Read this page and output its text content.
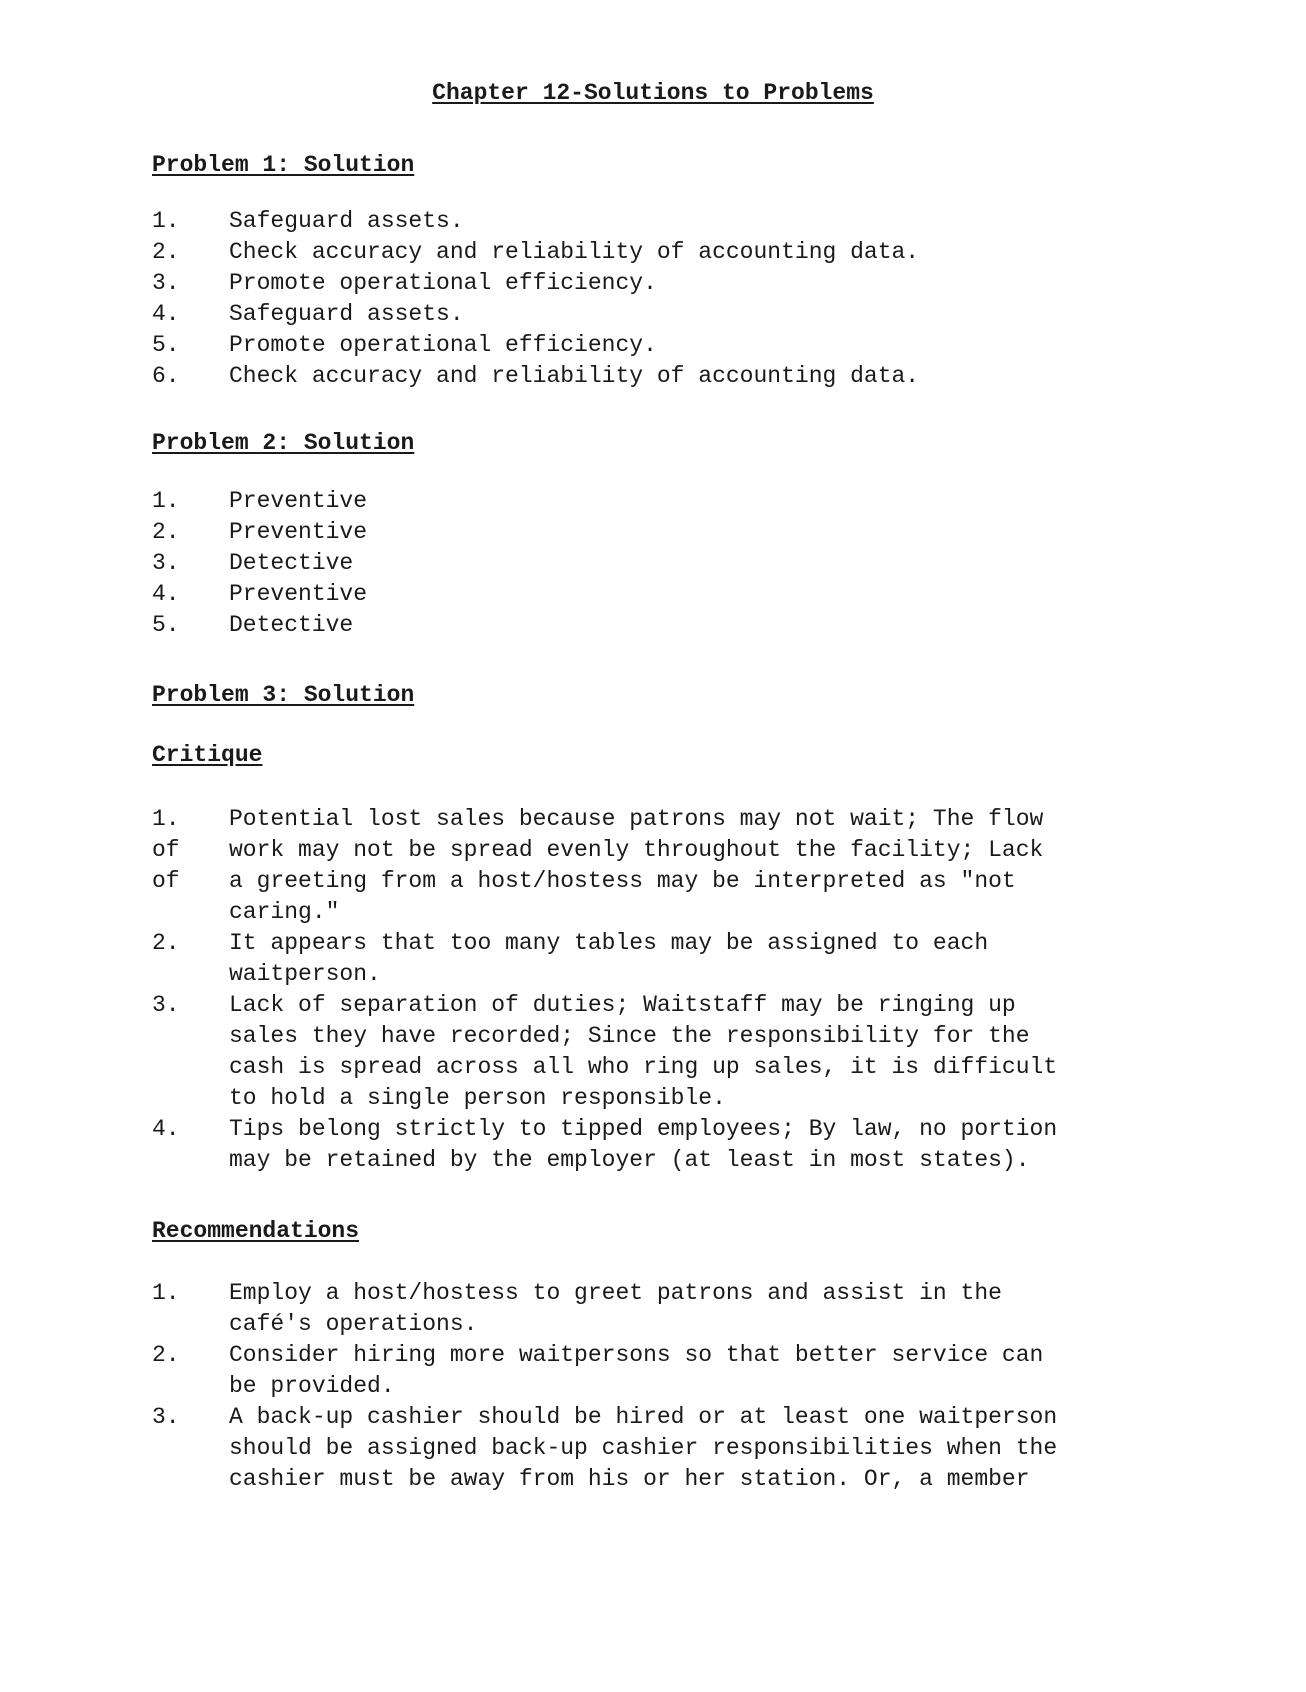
Chapter 12-Solutions to Problems
Problem 1: Solution
1. Safeguard assets.
2. Check accuracy and reliability of accounting data.
3. Promote operational efficiency.
4. Safeguard assets.
5. Promote operational efficiency.
6. Check accuracy and reliability of accounting data.
Problem 2: Solution
1. Preventive
2. Preventive
3. Detective
4. Preventive
5. Detective
Problem 3: Solution
Critique
1.
of
of
Potential lost sales because patrons may not wait; The flow
work may not be spread evenly throughout the facility; Lack
a greeting from a host/hostess may be interpreted as "not
caring."
2. It appears that too many tables may be assigned to each
waitperson.
3. Lack of separation of duties; Waitstaff may be ringing up
sales they have recorded; Since the responsibility for the
cash is spread across all who ring up sales, it is difficult
to hold a single person responsible.
4. Tips belong strictly to tipped employees; By law, no portion
may be retained by the employer (at least in most states).
Recommendations
1. Employ a host/hostess to greet patrons and assist in the
café's operations.
2. Consider hiring more waitpersons so that better service can
be provided.
3. A back-up cashier should be hired or at least one waitperson
should be assigned back-up cashier responsibilities when the
cashier must be away from his or her station. Or, a member
